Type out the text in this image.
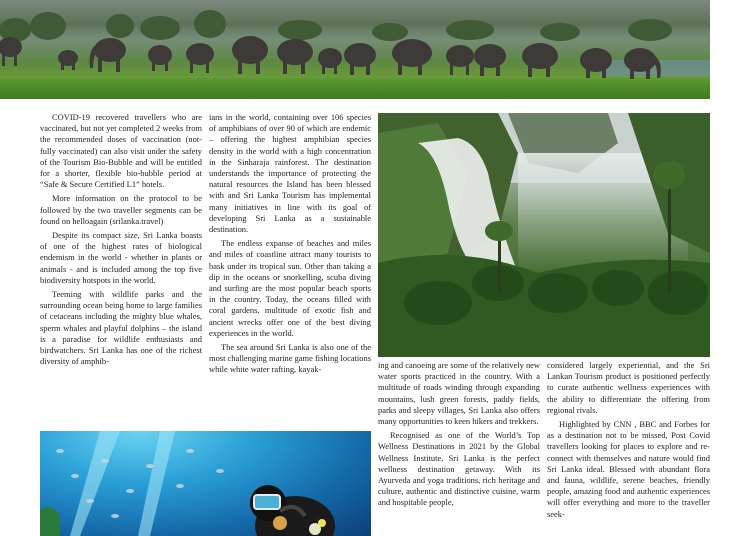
COVID-19 recovered travellers who are vaccinated, but not yet completed 2 weeks from the recommended doses of vaccination (not-fully vaccinated) can also visit under the safety of the Tourism Bio-Bubble and will be entitled for a shorter, flexible bio-bubble period at “Safe & Secure Certified L1” hotels.

More information on the protocol to be followed by the two traveller segments can be found on helloagain (srilanka.travel)

Despite its compact size, Sri Lanka boasts of one of the highest rates of biological endemism in the world - whether in plants or animals - and is included among the top five biodiversity hotspots in the world.

Teeming with wildlife parks and the surrounding ocean being home to large families of cetaceans including the mighty blue whales, sperm whales and playful dolphins – the island is a paradise for wildlife enthusiasts and birdwatchers. Sri Lanka has one of the richest diversity of amphib-

ians in the world, containing over 106 species of amphibians of over 90 of which are endemic – offering the highest amphibian species density in the world with a high concentration in the Sinharaja rainforest. The destination understands the importance of protecting the natural resources the Island has been blessed with and Sri Lanka Tourism has implemental many initiatives in line with its goal of developing Sri Lanka as a sustainable destination.

The endless expanse of beaches and miles and miles of coastline attract many tourists to bask under its tropical sun. Other than taking a dip in the oceans or snorkelling, scuba diving and surfing are the most popular beach sports in the country. Today, the oceans filled with coral gardens, multitude of exotic fish and ancient wrecks offer one of the best diving experiences in the world.

The sea around Sri Lanka is also one of the most challenging marine game fishing locations while white water rafting, kayak-	ing and canoeing are some of the relatively new water sports practiced in the country. With a multitude of roads winding through expanding mountains, lush green forests, paddy fields, parks and sleepy villages, Sri Lanka also offers many opportunities to keen hikers and trekkers.

Recognised as one of the World’s Top Wellness Destinations in 2021 by the Global Wellness Institute, Sri Lanka is the perfect wellness destination getaway. With its Ayurveda and yoga traditions, rich heritage and culture, authentic and distinctive cuisine, warm and hospitable people,

considered largely experiential, and the Sri Lankan Tourism product is positioned perfectly to curate authentic wellness experiences with the ability to differentiate the offering from regional rivals.

Highlighted by CNN , BBC and Forbes for as a destination not to be missed, Post Covid travellers looking for places to explore and re-connect with themselves and nature would find Sri Lanka ideal. Blessed with abundant flora and fauna, wildlife, serene beaches, friendly people, amazing food and authentic experiences will offer everything and more to the traveller seek-
